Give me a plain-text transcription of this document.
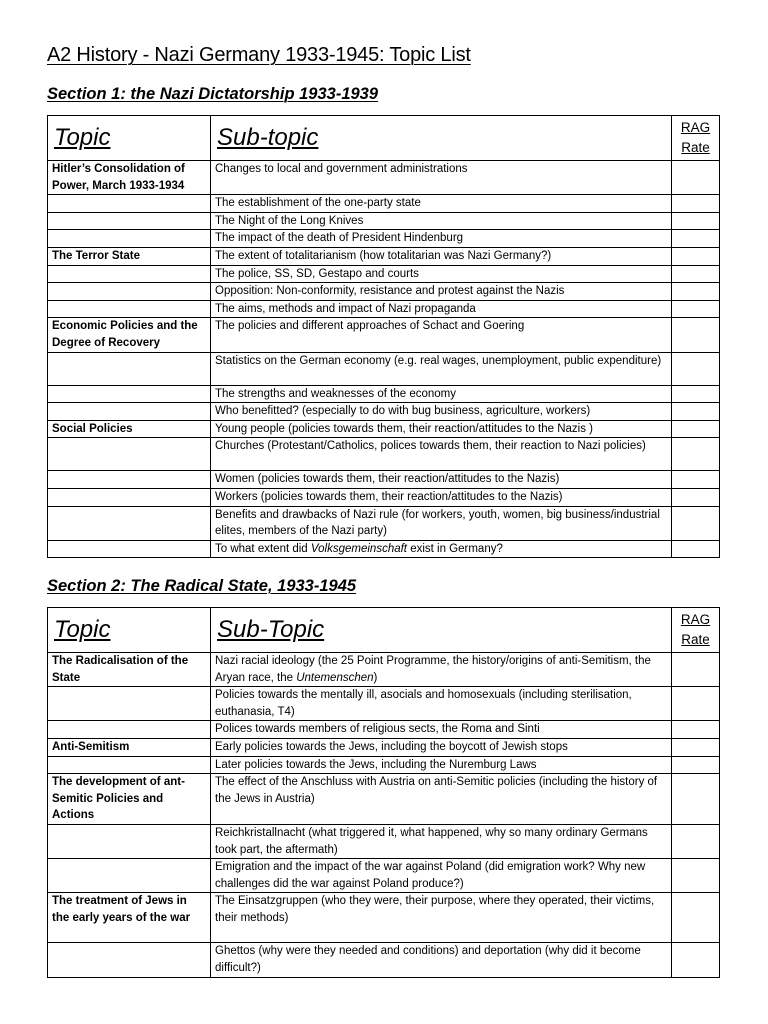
A2 History - Nazi Germany 1933-1945: Topic List
Section 1: the Nazi Dictatorship 1933-1939
Topic	Sub-topic	RAG
Rate
Hitler’s Consolidation of Power, March 1933-1934	Changes to local and government administrations	
	The establishment of the one-party state	
	The Night of the Long Knives	
	The impact of the death of President Hindenburg	
The Terror State	The extent of totalitarianism (how totalitarian was Nazi Germany?)	
	The police, SS, SD, Gestapo and courts	
	Opposition: Non-conformity, resistance and protest against the Nazis	
	The aims, methods and impact of Nazi propaganda	
Economic Policies and the Degree of Recovery	The policies and different approaches of Schact and Goering	
	Statistics on the German economy (e.g. real wages, unemployment, public expenditure)	
	The strengths and weaknesses of the economy	
	Who benefitted? (especially to do with bug business, agriculture, workers)	
Social Policies	Young people (policies towards them, their reaction/attitudes to the Nazis )	
	Churches (Protestant/Catholics, polices towards them, their reaction to Nazi policies)	
	Women (policies towards them, their reaction/attitudes to the Nazis)	
	Workers (policies towards them, their reaction/attitudes to the Nazis)	
	Benefits and drawbacks of Nazi rule (for workers, youth, women, big business/industrial elites, members of the Nazi party)	
	To what extent did Volksgemeinschaft exist in Germany?	
Section 2: The Radical State, 1933-1945
Topic	Sub-Topic	RAG
Rate
The Radicalisation of the State	Nazi racial ideology (the 25 Point Programme, the history/origins of anti-Semitism, the Aryan race, the Untemenschen)	
	Policies towards the mentally ill, asocials and homosexuals (including sterilisation, euthanasia, T4)	
	Polices towards members of religious sects, the Roma and Sinti	
Anti-Semitism	Early policies towards the Jews, including the boycott of Jewish stops	
	Later policies towards the Jews, including the Nuremburg Laws	
The development of ant-Semitic Policies and Actions	The effect of the Anschluss with Austria on anti-Semitic policies (including the history of the Jews in Austria)	
	Reichkristallnacht (what triggered it, what happened, why so many ordinary Germans took part, the aftermath)	
	Emigration and the impact of the war against Poland (did emigration work? Why new challenges did the war against Poland produce?)	
The treatment of Jews in the early years of the war	The Einsatzgruppen (who they were, their purpose, where they operated, their victims, their methods)	
	Ghettos (why were they needed and conditions) and deportation (why did it become difficult?)	
